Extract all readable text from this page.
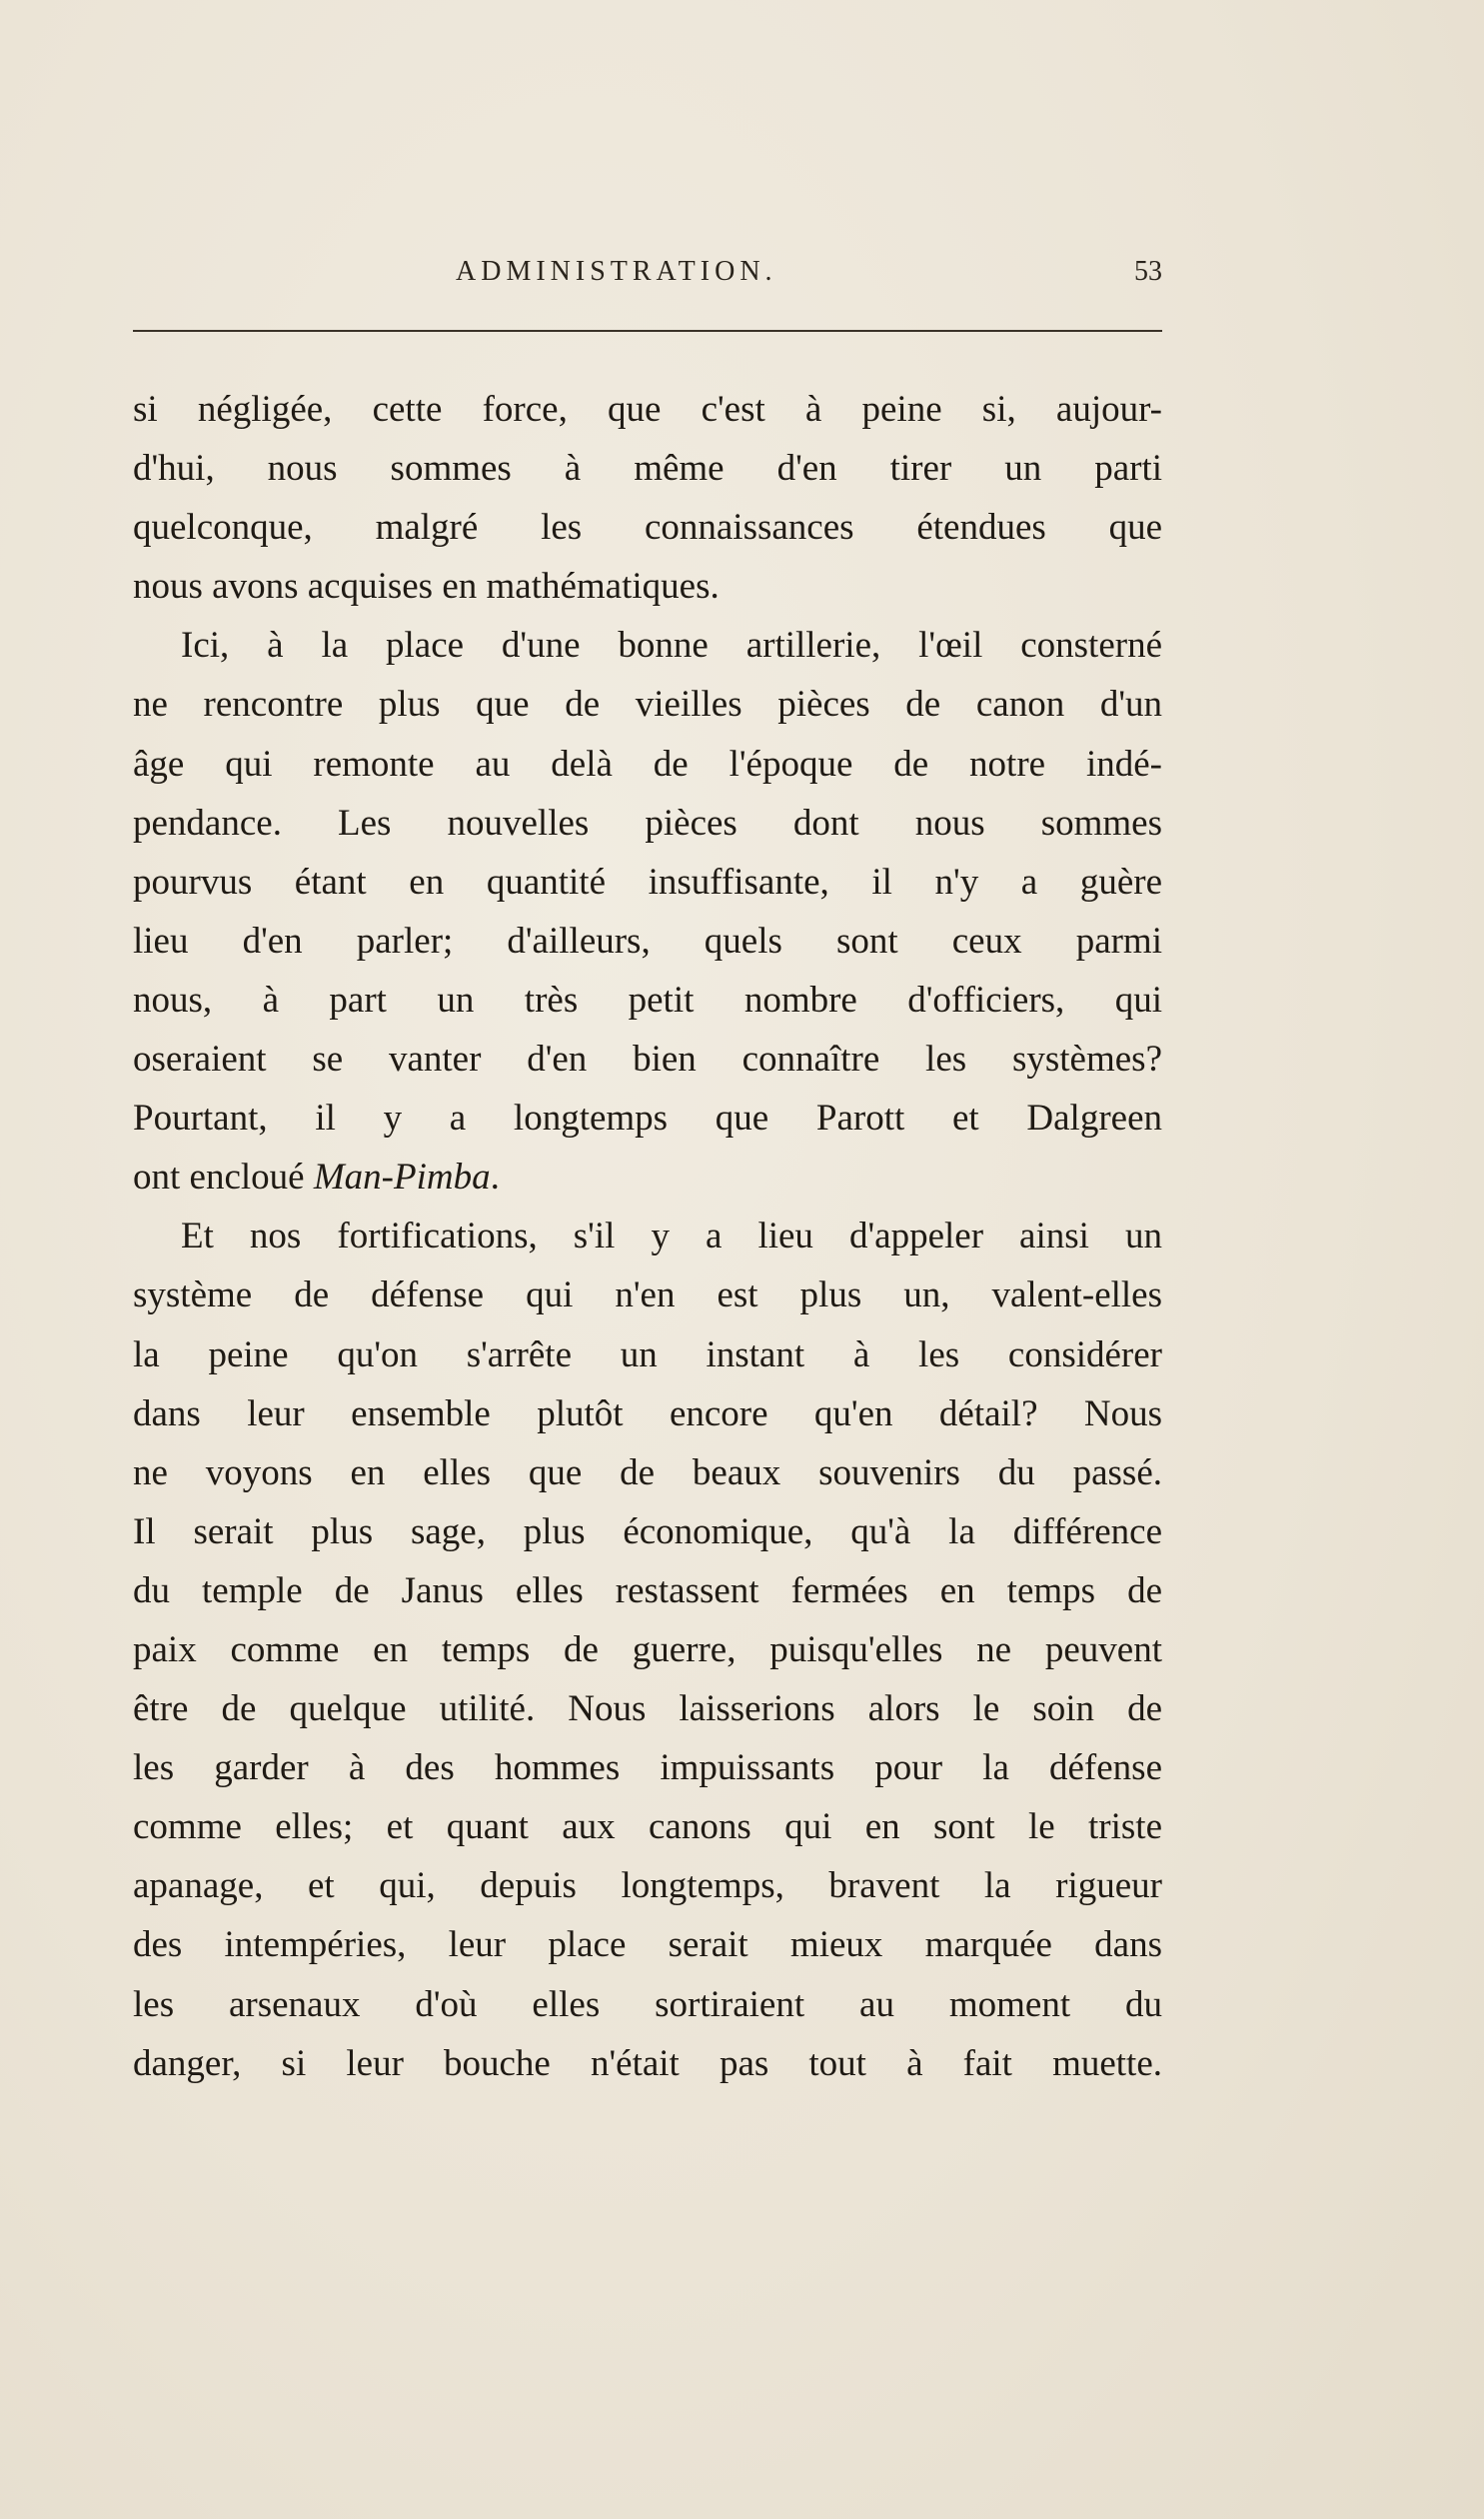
ADMINISTRATION.	53
si négligée, cette force, que c'est à peine si, aujour-
d'hui, nous sommes à même d'en tirer un parti
quelconque, malgré les connaissances étendues que
nous avons acquises en mathématiques.
Ici, à la place d'une bonne artillerie, l'œil consterné
ne rencontre plus que de vieilles pièces de canon d'un
âge qui remonte au delà de l'époque de notre indé-
pendance. Les nouvelles pièces dont nous sommes
pourvus étant en quantité insuffisante, il n'y a guère
lieu d'en parler; d'ailleurs, quels sont ceux parmi
nous, à part un très petit nombre d'officiers, qui
oseraient se vanter d'en bien connaître les systèmes?
Pourtant, il y a longtemps que Parott et Dalgreen
ont encloué Man-Pimba.
Et nos fortifications, s'il y a lieu d'appeler ainsi un
système de défense qui n'en est plus un, valent-elles
la peine qu'on s'arrête un instant à les considérer
dans leur ensemble plutôt encore qu'en détail? Nous
ne voyons en elles que de beaux souvenirs du passé.
Il serait plus sage, plus économique, qu'à la différence
du temple de Janus elles restassent fermées en temps de
paix comme en temps de guerre, puisqu'elles ne peuvent
être de quelque utilité. Nous laisserions alors le soin de
les garder à des hommes impuissants pour la défense
comme elles; et quant aux canons qui en sont le triste
apanage, et qui, depuis longtemps, bravent la rigueur
des intempéries, leur place serait mieux marquée dans
les arsenaux d'où elles sortiraient au moment du
danger, si leur bouche n'était pas tout à fait muette.
